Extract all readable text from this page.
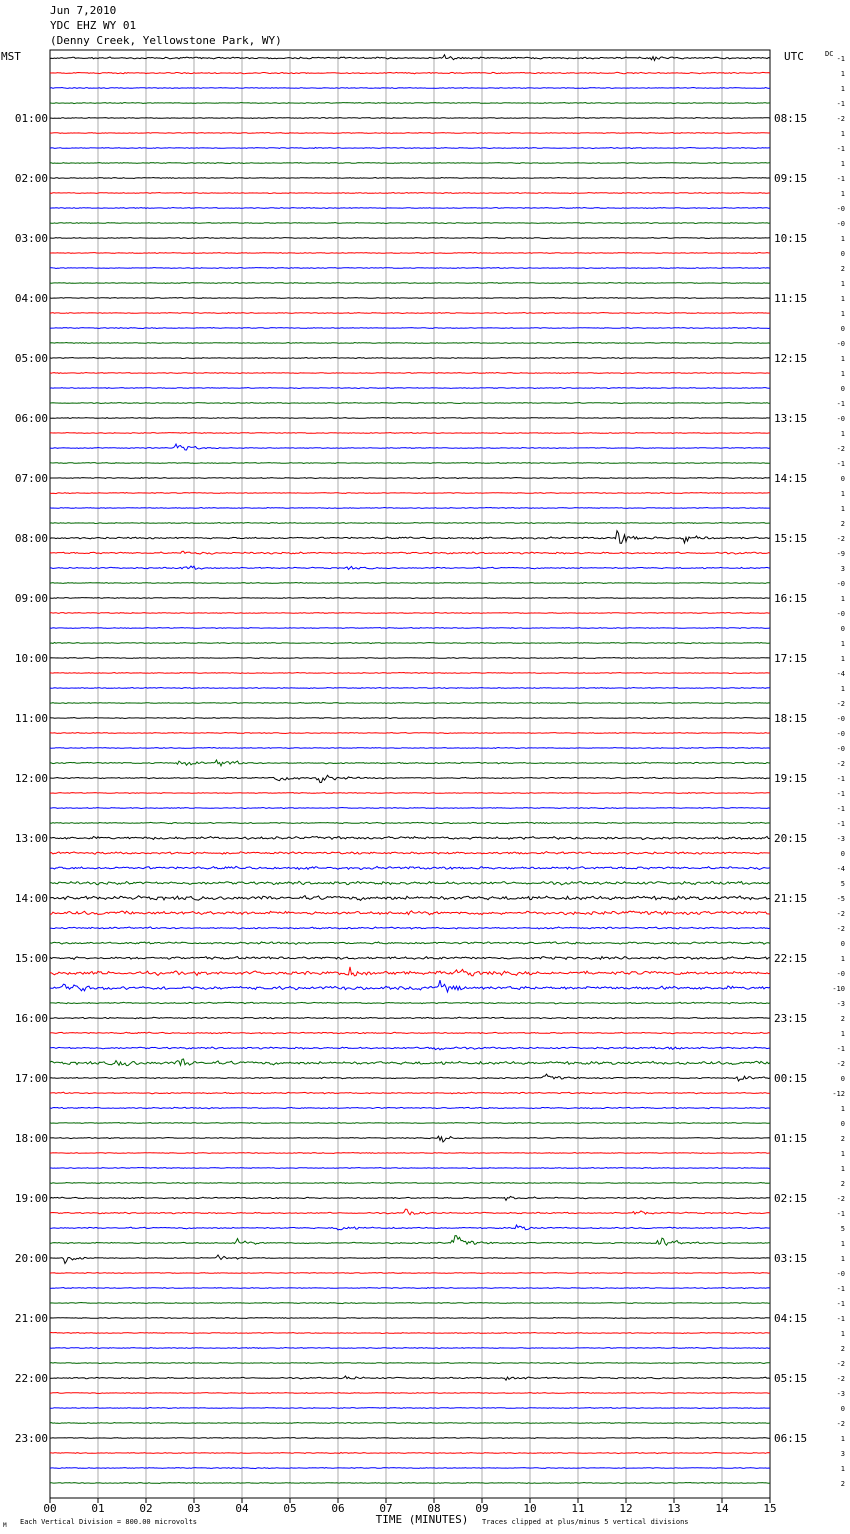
Jun 7,2010
YDC EHZ WY 01
(Denny Creek, Yellowstone Park, WY)
MST	UTC	DC
01:00	08:15
02:00	09:15
03:00	10:15
04:00	11:15
05:00	12:15
06:00	13:15
07:00	14:15
08:00	15:15
09:00	16:15
10:00	17:15
11:00	18:15
12:00	19:15
13:00	20:15
14:00	21:15
15:00	22:15
16:00	23:15
17:00	00:15
18:00	01:15
19:00	02:15
20:00	03:15
21:00	04:15
22:00	05:15
23:00	06:15
-1
1
1
-1
-2
1
-1
1
-1
1
-0
-0
1
0
2
1
1
1
0
-0
1
1
0
-1
-0
1
-2
-1
0
1
1
2
-2
-9
3
-0
1
-0
0
1
1
-4
1
-2
-0
-0
-0
-2
-1
-1
-1
-1
-3
0
-4
5
-5
-2
-2
0
1
-0
-10
-3
2
1
-1
-2
0
-12
1
0
2
1
1
2
-2
-1
5
1
1
-0
-1
-1
-1
1
2
-2
-2
-3
0
-2
1
3
1
2
00	01	02	03	04	05	06	07	08	09	10	11	12	13	14	15
TIME (MINUTES)
Each Vertical Division = 800.00 microvolts	Traces clipped at plus/minus 5 vertical divisions
M
